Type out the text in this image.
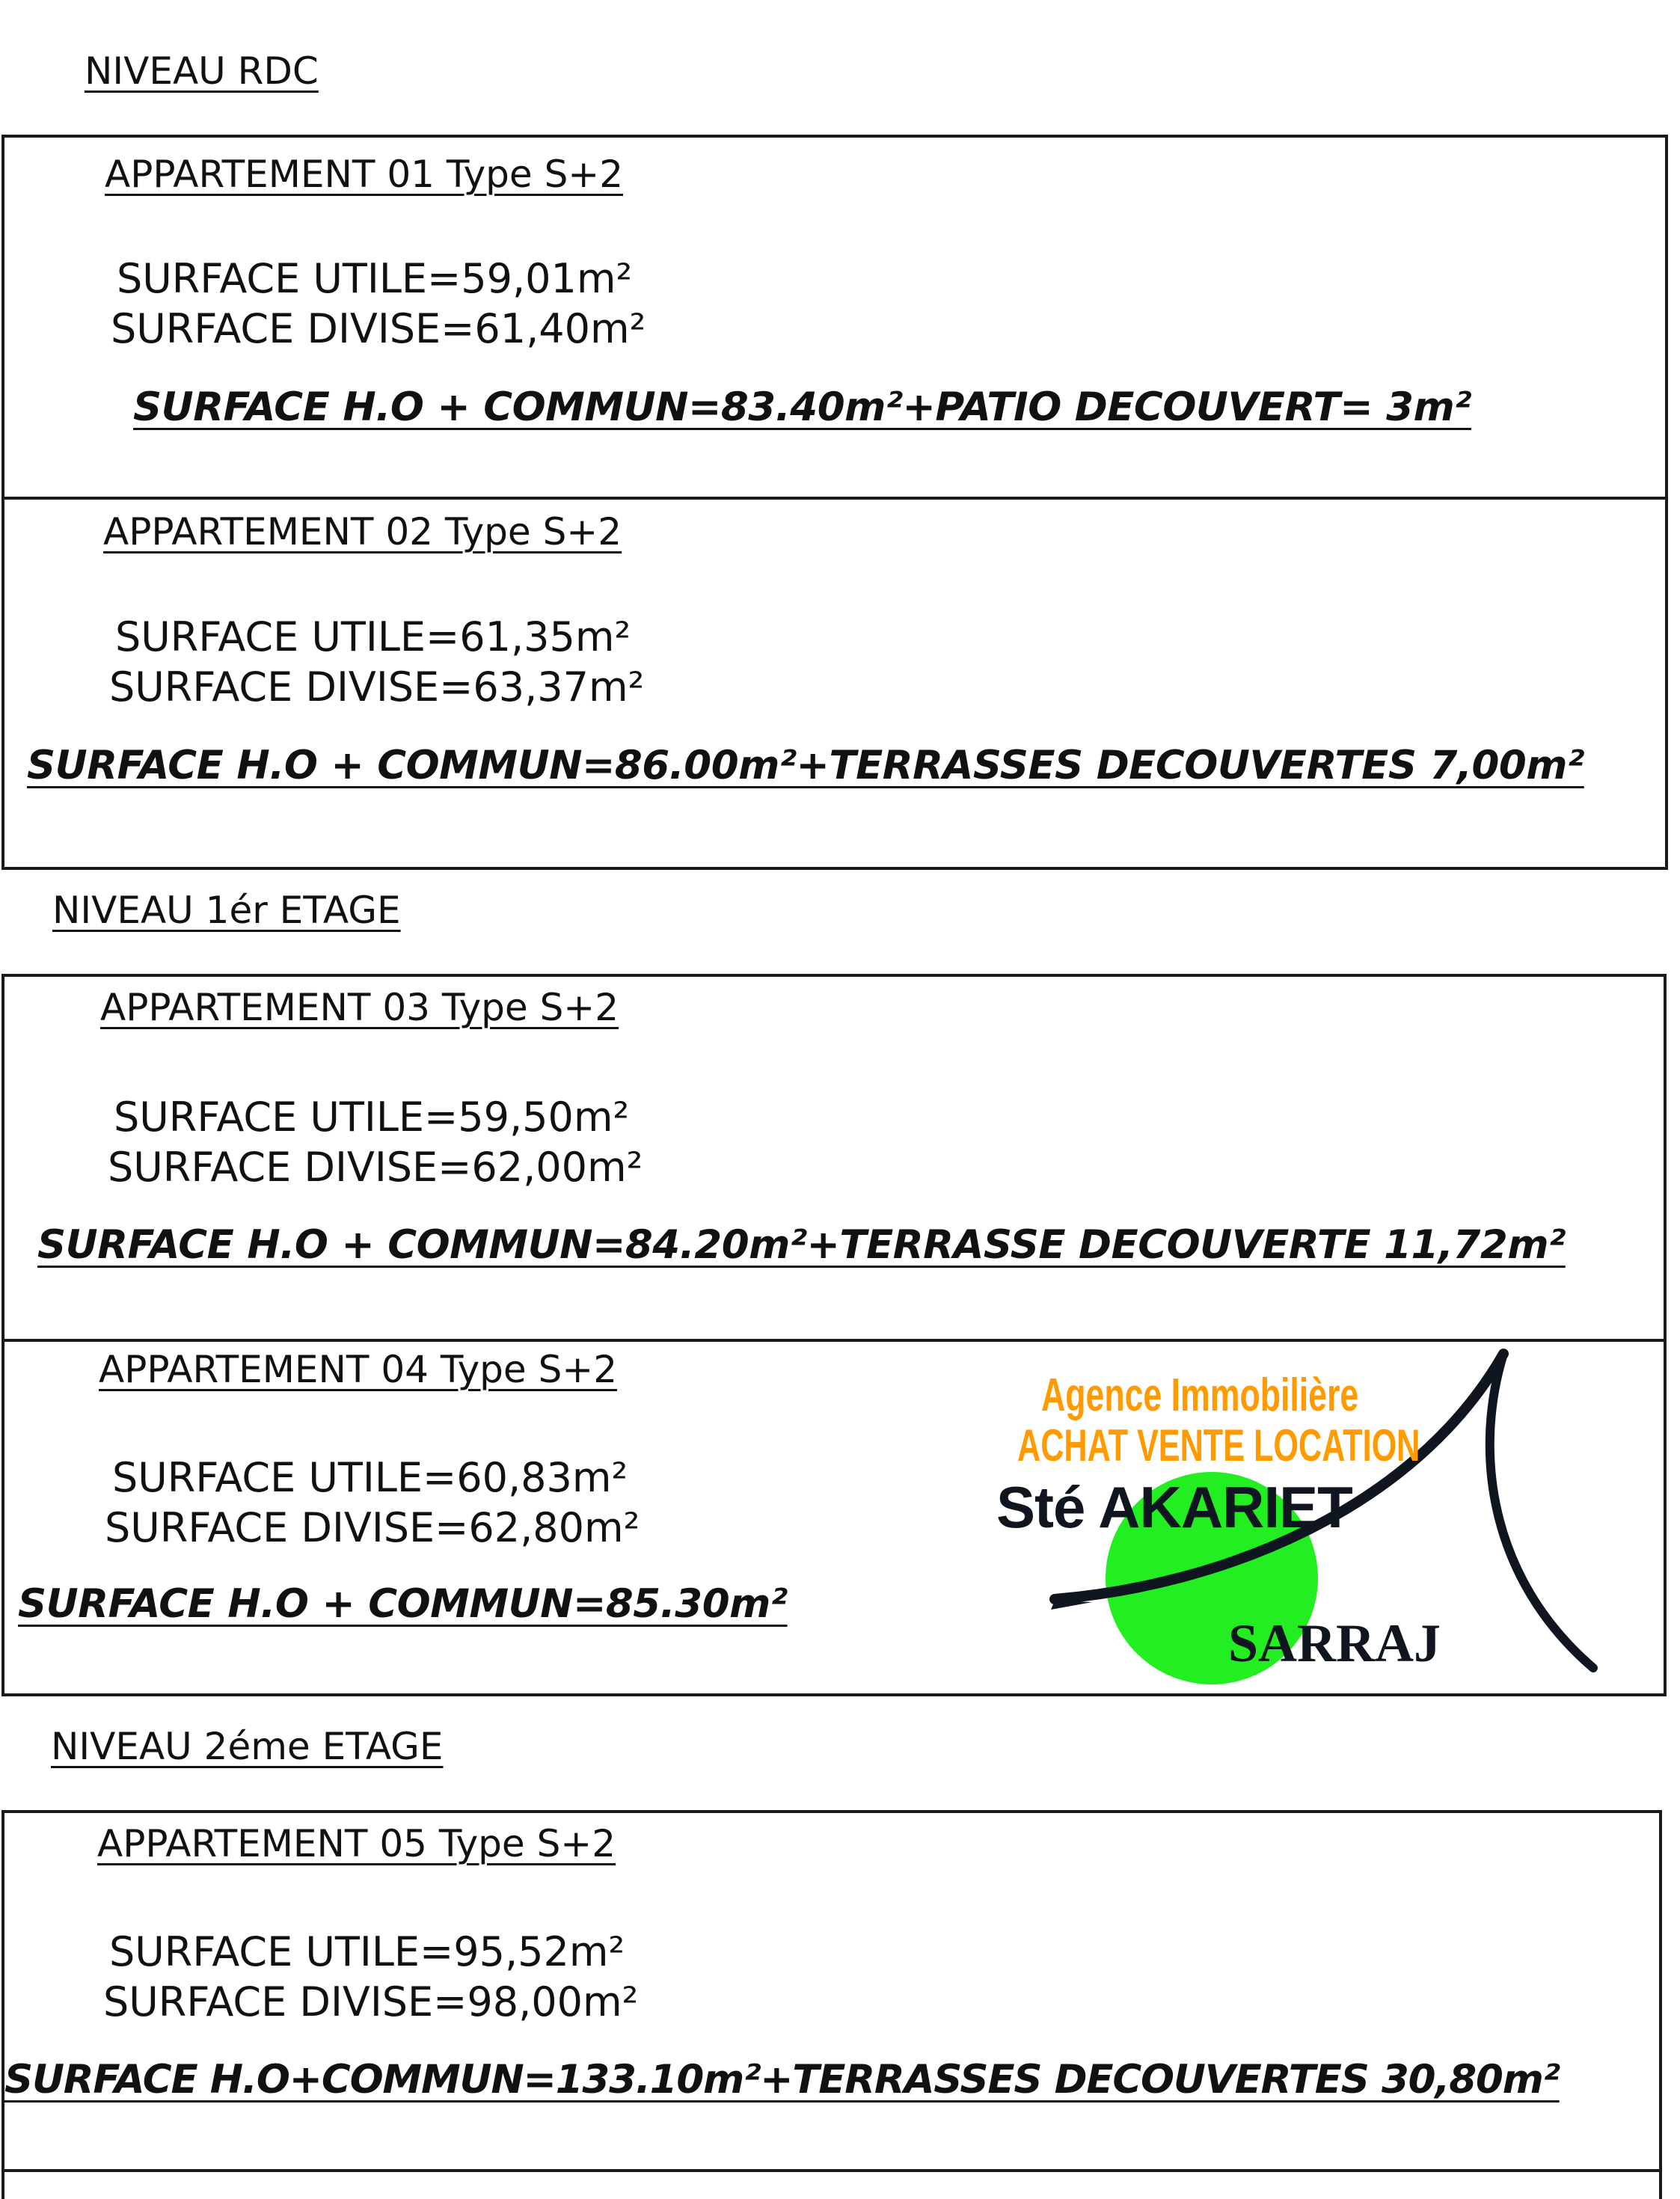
NIVEAU RDC
APPARTEMENT 01 Type S+2
SURFACE UTILE=59,01m²
SURFACE DIVISE=61,40m²
SURFACE H.O + COMMUN=83.40m²+PATIO DECOUVERT= 3m²
APPARTEMENT 02 Type S+2
SURFACE UTILE=61,35m²
SURFACE DIVISE=63,37m²
SURFACE H.O + COMMUN=86.00m²+TERRASSES DECOUVERTES 7,00m²
NIVEAU 1ér ETAGE
APPARTEMENT 03 Type S+2
SURFACE UTILE=59,50m²
SURFACE DIVISE=62,00m²
SURFACE H.O + COMMUN=84.20m²+TERRASSE DECOUVERTE 11,72m²
APPARTEMENT 04 Type S+2
SURFACE UTILE=60,83m²
SURFACE DIVISE=62,80m²
SURFACE H.O + COMMUN=85.30m²
Agence Immobilière
ACHAT VENTE LOCATION
Sté AKARIET
SARRAJ
NIVEAU 2éme ETAGE
APPARTEMENT 05 Type S+2
SURFACE UTILE=95,52m²
SURFACE DIVISE=98,00m²
SURFACE H.O+COMMUN=133.10m²+TERRASSES DECOUVERTES 30,80m²
